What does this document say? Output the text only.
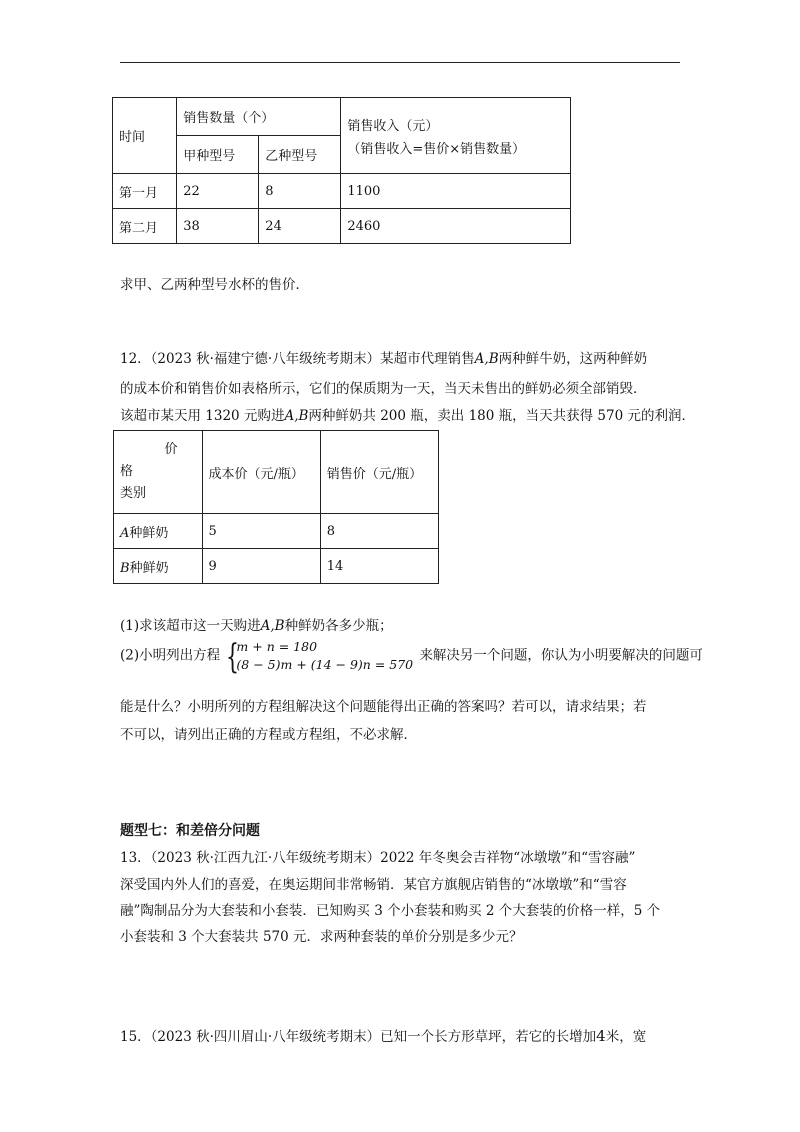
时间	销售数量（个）		销售收入（元）
（销售收入=售价×销售数量）

	甲种型号	乙种型号	
第一月	22	8	1100
第二月	38	24	2460
求甲、乙两种型号水杯的售价．
12．（2023 秋·福建宁德·八年级统考期末）某超市代理销售A,B两种鲜牛奶，这两种鲜奶
的成本价和销售价如表格所示，它们的保质期为一天，当天未售出的鲜奶必须全部销毁．
该超市某天用 1320 元购进A,B两种鲜奶共 200 瓶，卖出 180 瓶，当天共获得 570 元的利润．
价
格
类别	成本价（元/瓶）	销售价（元/瓶）
A种鲜奶	5	8
B种鲜奶	9	14
(1)求该超市这一天购进A,B种鲜奶各多少瓶；
(2)小明列出方程 {
m + n = 180
(8 − 5)m + (14 − 9)n = 570
来解决另一个问题，你认为小明要解决的问题可
能是什么？小明所列的方程组解决这个问题能得出正确的答案吗？若可以，请求结果；若
不可以，请列出正确的方程或方程组，不必求解．
题型七：和差倍分问题
13．（2023 秋·江西九江·八年级统考期末）2022 年冬奥会吉祥物“冰墩墩”和“雪容融”
深受国内外人们的喜爱，在奥运期间非常畅销．某官方旗舰店销售的“冰墩墩”和“雪容
融”陶制品分为大套装和小套装．已知购买 3 个小套装和购买 2 个大套装的价格一样，5 个
小套装和 3 个大套装共 570 元．求两种套装的单价分别是多少元？
15．（2023 秋·四川眉山·八年级统考期末）已知一个长方形草坪，若它的长增加4米，宽
